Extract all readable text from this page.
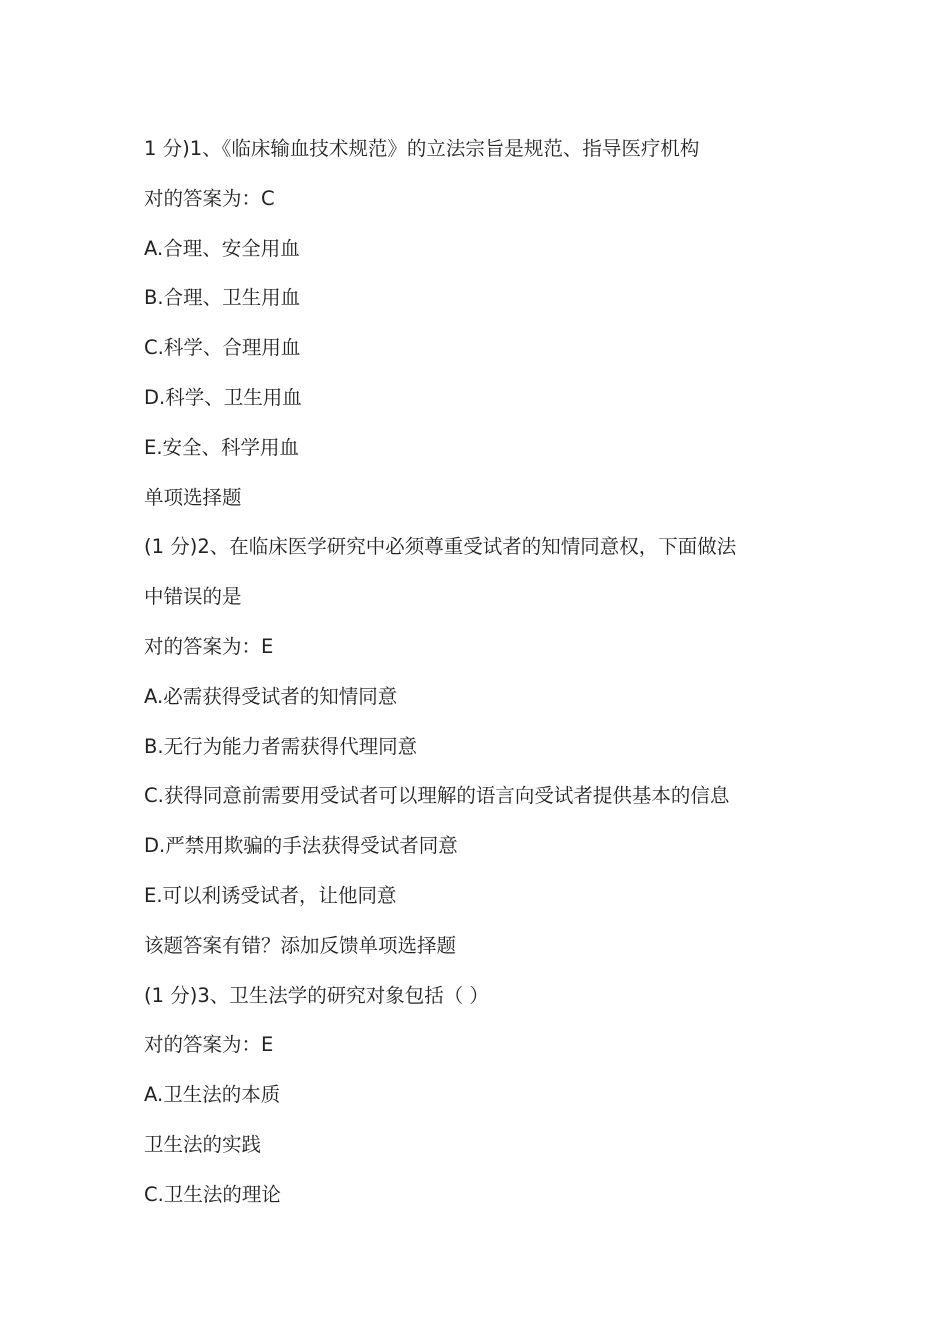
1 分)1、《临床输血技术规范》的立法宗旨是规范、指导医疗机构
对的答案为：C
A.合理、安全用血
B.合理、卫生用血
C.科学、合理用血
D.科学、卫生用血
E.安全、科学用血
单项选择题
(1 分)2、在临床医学研究中必须尊重受试者的知情同意权，下面做法
中错误的是
对的答案为：E
A.必需获得受试者的知情同意
B.无行为能力者需获得代理同意
C.获得同意前需要用受试者可以理解的语言向受试者提供基本的信息
D.严禁用欺骗的手法获得受试者同意
E.可以利诱受试者，让他同意
该题答案有错？添加反馈单项选择题
(1 分)3、卫生法学的研究对象包括（ ）
对的答案为：E
A.卫生法的本质
卫生法的实践
C.卫生法的理论
